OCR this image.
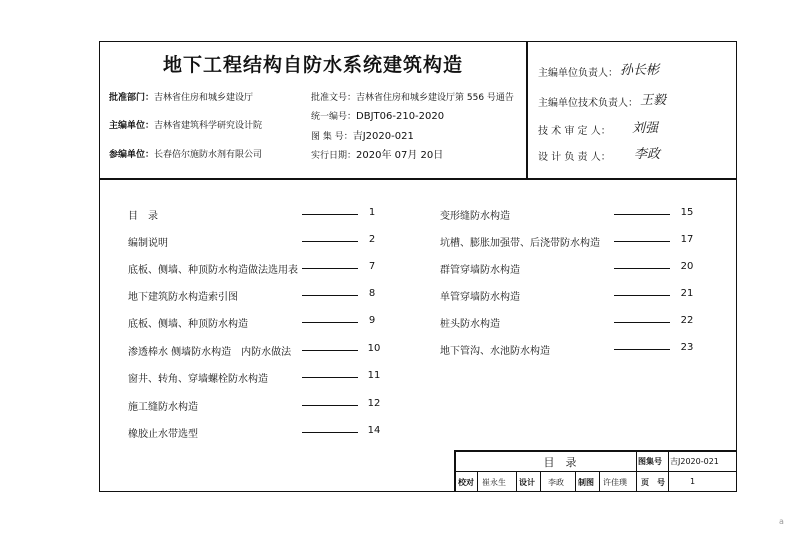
地下工程结构自防水系统建筑构造
批准部门：吉林省住房和城乡建设厅
主编单位：吉林省建筑科学研究设计院
参编单位：长春倍尔施防水剂有限公司
批准文号：吉林省住房和城乡建设厅第 556 号通告
统一编号：DBJT06-210-2020
图 集 号：吉J2020-021
实行日期：2020年 07月 20日
主编单位负责人： 孙长彬
主编单位技术负责人： 王毅
技 术 审 定 人： 刘强
设 计 负 责 人： 李政
目　录	1
编制说明	2
底板、侧墙、种顶防水构造做法选用表	7
地下建筑防水构造索引图	8
底板、侧墙、种顶防水构造	9
渗透棒水 侧墙防水构造　内防水做法	10
窗井、转角、穿墙螺栓防水构造	11
施工缝防水构造	12
橡胶止水带选型	14
变形缝防水构造	15
坑槽、膨胀加强带、后浇带防水构造	17
群管穿墙防水构造	20
单管穿墙防水构造	21
桩头防水构造	22
地下管沟、水池防水构造	23
目　录	图集号 吉J2020-021
校对 崔永生 设计 李政 制图 许佳璞 页　号	1
a
